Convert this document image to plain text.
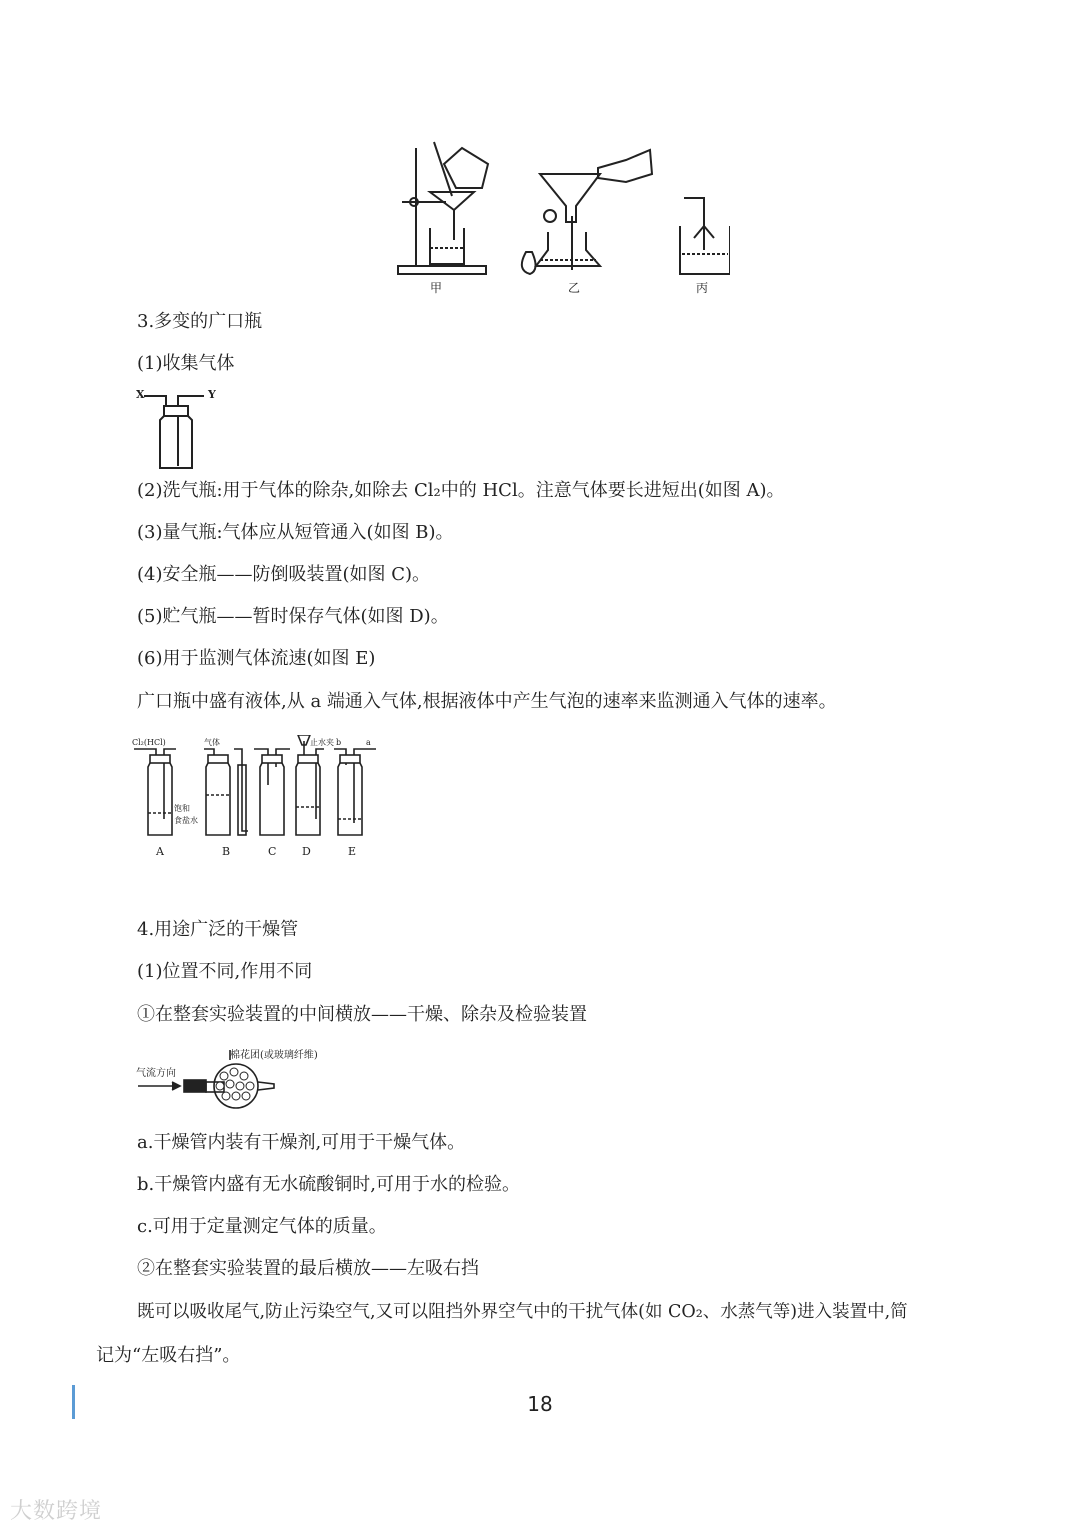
甲	乙	丙
3.多变的广口瓶
(1)收集气体
X	Y
(2)洗气瓶:用于气体的除杂,如除去 Cl₂中的 HCl。注意气体要长进短出(如图 A)。
(3)量气瓶:气体应从短管通入(如图 B)。
(4)安全瓶——防倒吸装置(如图 C)。
(5)贮气瓶——暂时保存气体(如图 D)。
(6)用于监测气体流速(如图 E)
广口瓶中盛有液体,从 a 端通入气体,根据液体中产生气泡的速率来监测通入气体的速率。
Cl₂(HCl)
饱和
食盐水
气体	止水夹 b	a
A	B	C D	E
4.用途广泛的干燥管
(1)位置不同,作用不同
①在整套实验装置的中间横放——干燥、除杂及检验装置
气流方向
棉花团(或玻璃纤维)
a.干燥管内装有干燥剂,可用于干燥气体。
b.干燥管内盛有无水硫酸铜时,可用于水的检验。
c.可用于定量测定气体的质量。
②在整套实验装置的最后横放——左吸右挡
既可以吸收尾气,防止污染空气,又可以阻挡外界空气中的干扰气体(如 CO₂、水蒸气等)进入装置中,简
记为“左吸右挡”。
18
大数跨境
